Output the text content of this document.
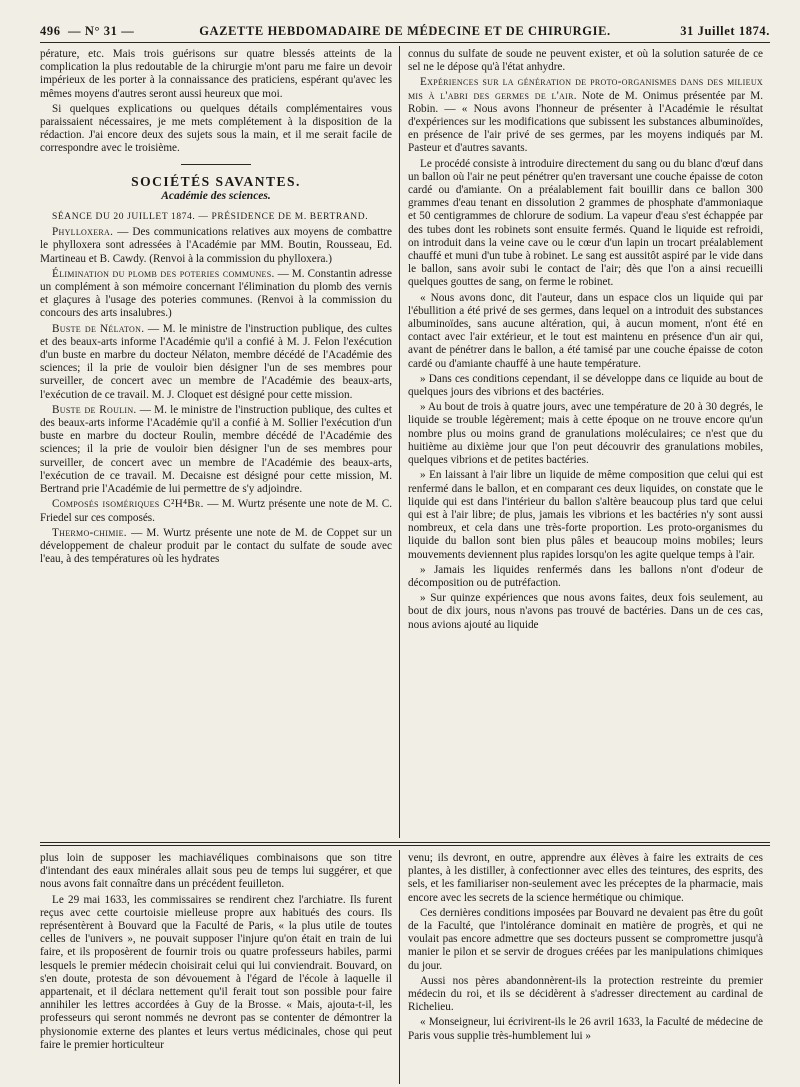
496 — N° 31 —	GAZETTE HEBDOMADAIRE DE MÉDECINE ET DE CHIRURGIE.	31 Juillet 1874.

pérature, etc. Mais trois guérisons sur quatre blessés atteints de la complication la plus redoutable de la chirurgie m'ont paru me faire un devoir impérieux de les porter à la connaissance des praticiens, espérant qu'avec les mêmes moyens d'autres seront aussi heureux que moi.

Si quelques explications ou quelques détails complémentaires vous paraissaient nécessaires, je me mets complétement à la disposition de la rédaction. J'ai encore deux des sujets sous la main, et il me serait facile de correspondre avec le troisième.

SOCIÉTÉS SAVANTES.
Académie des sciences.

SÉANCE DU 20 JUILLET 1874. — PRÉSIDENCE DE M. BERTRAND.

Phylloxera. — Des communications relatives aux moyens de combattre le phylloxera sont adressées à l'Académie par MM. Boutin, Rousseau, Ed. Martineau et B. Cawdy. (Renvoi à la commission du phylloxera.)

Élimination du plomb des poteries communes. — M. Constantin adresse un complément à son mémoire concernant l'élimination du plomb des vernis et glaçures à l'usage des poteries communes. (Renvoi à la commission du concours des arts insalubres.)

Buste de Nélaton. — M. le ministre de l'instruction publique, des cultes et des beaux-arts informe l'Académie qu'il a confié à M. J. Felon l'exécution d'un buste en marbre du docteur Nélaton, membre décédé de l'Académie des sciences; il la prie de vouloir bien désigner l'un de ses membres pour surveiller, de concert avec un membre de l'Académie des beaux-arts, l'exécution de ce travail. M. J. Cloquet est désigné pour cette mission.

Buste de Roulin. — M. le ministre de l'instruction publique, des cultes et des beaux-arts informe l'Académie qu'il a confié à M. Sollier l'exécution d'un buste en marbre du docteur Roulin, membre décédé de l'Académie des sciences; il la prie de vouloir bien désigner l'un de ses membres pour surveiller, de concert avec un membre de l'Académie des beaux-arts, l'exécution de ce travail. M. Decaisne est désigné pour cette mission, M. Bertrand prie l'Académie de lui permettre de s'y adjoindre.

Composés isomériques C²H⁴Br. — M. Wurtz présente une note de M. C. Friedel sur ces composés.

Thermo-chimie. — M. Wurtz présente une note de M. de Coppet sur un développement de chaleur produit par le contact du sulfate de soude avec l'eau, à des températures où les hydrates

connus du sulfate de soude ne peuvent exister, et où la solution saturée de ce sel ne le dépose qu'à l'état anhydre.

Expériences sur la génération de proto-organismes dans des milieux mis à l'abri des germes de l'air. Note de M. Onimus présentée par M. Robin. — « Nous avons l'honneur de présenter à l'Académie le résultat d'expériences sur les modifications que subissent les substances albuminoïdes, en présence de l'air privé de ses germes, par les moyens indiqués par M. Pasteur et d'autres savants.

Le procédé consiste à introduire directement du sang ou du blanc d'œuf dans un ballon où l'air ne peut pénétrer qu'en traversant une couche épaisse de coton cardé ou d'amiante. On a préalablement fait bouillir dans ce ballon 300 grammes d'eau tenant en dissolution 2 grammes de phosphate d'ammoniaque et 50 centigrammes de chlorure de sodium. La vapeur d'eau s'est échappée par des tubes dont les robinets sont ensuite fermés. Quand le liquide est refroidi, on introduit dans la veine cave ou le cœur d'un lapin un trocart préalablement chauffé et muni d'un tube à robinet. Le sang est aussitôt aspiré par le vide dans le ballon, sans avoir subi le contact de l'air; dès que l'on a ainsi recueilli quelques gouttes de sang, on ferme le robinet.

« Nous avons donc, dit l'auteur, dans un espace clos un liquide qui par l'ébullition a été privé de ses germes, dans lequel on a introduit des substances albuminoïdes, sans aucune altération, qui, à aucun moment, n'ont été en contact avec l'air extérieur, et le tout est maintenu en présence d'un air qui, avant de pénétrer dans le ballon, a été tamisé par une couche épaisse de coton cardé ou d'amiante chauffé à une haute température.

» Dans ces conditions cependant, il se développe dans ce liquide au bout de quelques jours des vibrions et des bactéries.

» Au bout de trois à quatre jours, avec une température de 20 à 30 degrés, le liquide se trouble légèrement; mais à cette époque on ne trouve encore qu'un nombre plus ou moins grand de granulations moléculaires; ce n'est que du huitième au dixième jour que l'on peut découvrir des granulations mobiles, quelques vibrions et de petites bactéries.

» En laissant à l'air libre un liquide de même composition que celui qui est renfermé dans le ballon, et en comparant ces deux liquides, on constate que le liquide qui est dans l'intérieur du ballon s'altère beaucoup plus tard que celui qui est à l'air libre; de plus, jamais les vibrions et les bactéries n'y sont aussi nombreux, et cela dans une très-forte proportion. Les proto-organismes du liquide du ballon sont bien plus pâles et beaucoup moins mobiles; leurs mouvements deviennent plus rapides lorsqu'on les agite quelque temps à l'air.

» Jamais les liquides renfermés dans les ballons n'ont d'odeur de décomposition ou de putréfaction.

» Sur quinze expériences que nous avons faites, deux fois seulement, au bout de dix jours, nous n'avons pas trouvé de bactéries. Dans un de ces cas, nous avions ajouté au liquide

plus loin de supposer les machiavéliques combinaisons que son titre d'intendant des eaux minérales allait sous peu de temps lui suggérer, et que nous avons fait connaître dans un précédent feuilleton.

Le 29 mai 1633, les commissaires se rendirent chez l'archiatre. Ils furent reçus avec cette courtoisie mielleuse propre aux habitués des cours. Ils représentèrent à Bouvard que la Faculté de Paris, « la plus utile de toutes celles de l'univers », ne pouvait supposer l'injure qu'on était en train de lui faire, et ils proposèrent de fournir trois ou quatre professeurs habiles, parmi lesquels le premier médecin choisirait celui qui lui conviendrait. Bouvard, on s'en doute, protesta de son dévouement à l'égard de l'école à laquelle il appartenait, et il déclara nettement qu'il ferait tout son possible pour faire annihiler les lettres accordées à Guy de la Brosse. « Mais, ajouta-t-il, les professeurs qui seront nommés ne devront pas se contenter de démontrer la physionomie externe des plantes et leurs vertus médicinales, chose qui peut faire le premier horticulteur

venu; ils devront, en outre, apprendre aux élèves à faire les extraits de ces plantes, à les distiller, à confectionner avec elles des teintures, des esprits, des sels, et les familiariser non-seulement avec les préceptes de la pharmacie, mais encore avec les secrets de la science hermétique ou chimique.

Ces dernières conditions imposées par Bouvard ne devaient pas être du goût de la Faculté, que l'intolérance dominait en matière de progrès, et qui ne voulait pas encore admettre que ses docteurs pussent se compromettre jusqu'à manier le pilon et se servir de drogues créées par les manipulations chimiques du jour.

Aussi nos pères abandonnèrent-ils la protection restreinte du premier médecin du roi, et ils se décidèrent à s'adresser directement au cardinal de Richelieu.

« Monseigneur, lui écrivirent-ils le 26 avril 1633, la Faculté de médecine de Paris vous supplie très-humblement lui »
